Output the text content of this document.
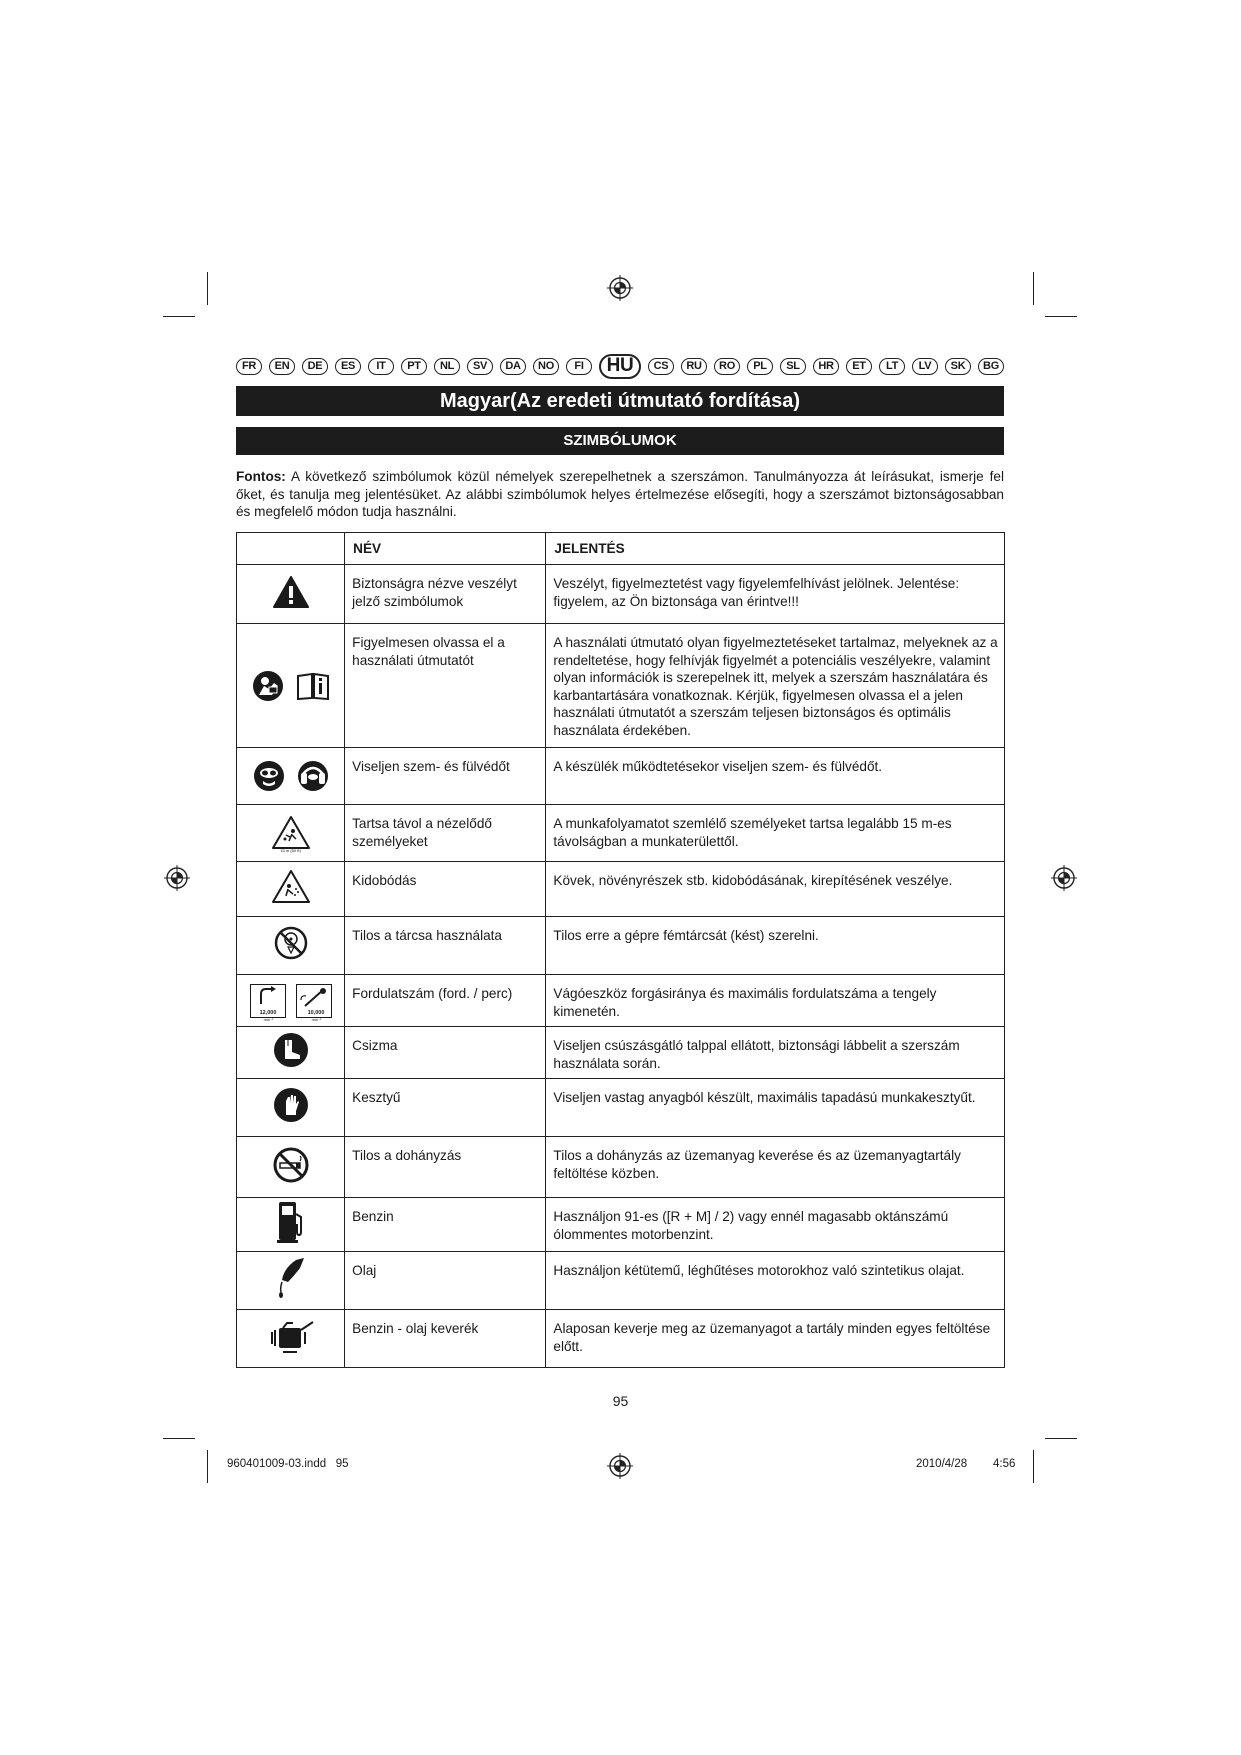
FR	EN	DE	ES	IT	PT	NL	SV	DA	NO	FI	HU	CS	RU	RO	PL	SL	HR	ET	LT	LV	SK	BG
Magyar(Az eredeti útmutató fordítása)
SZIMBÓLUMOK
Fontos: A következő szimbólumok közül némelyek szerepelhetnek a szerszámon. Tanulmányozza át leírásukat, ismerje fel őket, és tanulja meg jelentésüket. Az alábbi szimbólumok helyes értelmezése elősegíti, hogy a szerszámot biztonságosabban és megfelelő módon tudja használni.
	NÉV	JELENTÉS
	Biztonságra nézve veszélyt jelző szimbólumok	Veszélyt, figyelmeztetést vagy figyelemfelhívást jelölnek. Jelentése: figyelem, az Ön biztonsága van érintve!!!

	Figyelmesen olvassa el a használati útmutatót	A használati útmutató olyan figyelmeztetéseket tartalmaz, melyeknek az a rendeltetése, hogy felhívják figyelmét a potenciális veszélyekre, valamint olyan információk is szerepelnek itt, melyek a szerszám használatára és karbantartására vonatkoznak. Kérjük, figyelmesen olvassa el a jelen használati útmutatót a szerszám teljesen biztonságos és optimális használata érdekében.

	Viseljen szem- és fülvédőt	A készülék működtetésekor viseljen szem- és fülvédőt.

15 m (50 ft)	Tartsa távol a nézelődő személyeket	A munkafolyamatot szemlélő személyeket tartsa legalább 15 m-es távolságban a munkaterülettől.
	Kidobódás	Kövek, növényrészek stb. kidobódásának, kirepítésének veszélye.
	Tilos a tárcsa használata	Tilos erre a gépre fémtárcsát (kést) szerelni.

12,000
min⁻¹
10,000
min⁻¹	Fordulatszám (ford. / perc)	Vágóeszköz forgásiránya és maximális fordulatszáma a tengely kimenetén.
	Csizma	Viseljen csúszásgátló talppal ellátott, biztonsági lábbelit a szerszám használata során.
	Kesztyű	Viseljen vastag anyagból készült, maximális tapadású munkakesztyűt.
	Tilos a dohányzás	Tilos a dohányzás az üzemanyag keverése és az üzemanyagtartály feltöltése közben.
	Benzin	Használjon 91-es ([R + M] / 2) vagy ennél magasabb oktánszámú ólommentes motorbenzint.
	Olaj	Használjon kétütemű, léghűtéses motorokhoz való szintetikus olajat.
	Benzin - olaj keverék	Alaposan keverje meg az üzemanyagot a tartály minden egyes feltöltése előtt.
95
960401009-03.indd   95	2010/4/28 4:56
